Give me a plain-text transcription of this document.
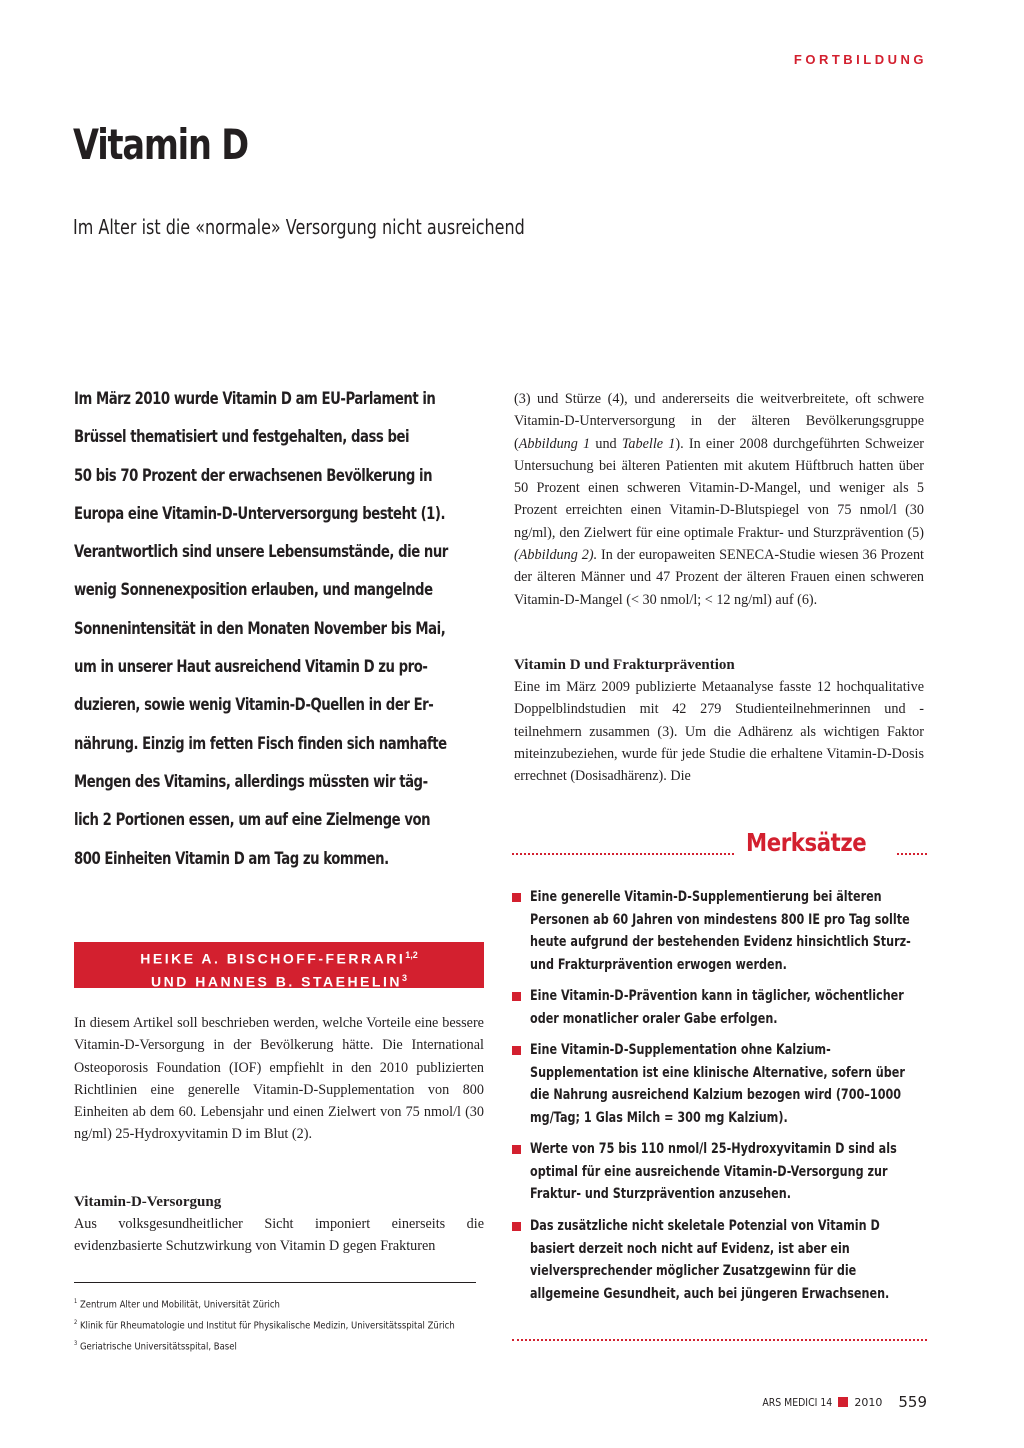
FORTBILDUNG
Vitamin D
Im Alter ist die «normale» Versorgung nicht ausreichend
Im März 2010 wurde Vitamin D am EU-Parlament in
Brüssel thematisiert und festgehalten, dass bei
50 bis 70 Prozent der erwachsenen Bevölkerung in
Europa eine Vitamin-D-Unterversorgung besteht (1).
Verantwortlich sind unsere Lebensumstände, die nur
wenig Sonnenexposition erlauben, und mangelnde
Sonnenintensität in den Monaten November bis Mai,
um in unserer Haut ausreichend Vitamin D zu pro-
duzieren, sowie wenig Vitamin-D-Quellen in der Er-
nährung. Einzig im fetten Fisch finden sich namhafte
Mengen des Vitamins, allerdings müssten wir täg-
lich 2 Portionen essen, um auf eine Zielmenge von
800 Einheiten Vitamin D am Tag zu kommen.
HEIKE A. BISCHOFF-FERRARI$^{1,2}$
UND HANNES B. STAEHELIN$^3$

In diesem Artikel soll beschrieben werden, welche Vorteile eine bessere Vitamin-D-Versorgung in der Bevölkerung hätte. Die International Osteoporosis Foundation (IOF) empfiehlt in den 2010 publizierten Richtlinien eine generelle Vitamin-D-Supplementation von 800 Einheiten ab dem 60. Lebensjahr und einen Zielwert von 75 nmol/l (30 ng/ml) 25-Hydroxyvitamin D im Blut (2).

Vitamin-D-Versorgung

Aus volksgesundheitlicher Sicht imponiert einerseits die evidenzbasierte Schutzwirkung von Vitamin D gegen Frakturen

$^1$ Zentrum Alter und Mobilität, Universität Zürich
$^2$ Klinik für Rheumatologie und Institut für Physikalische Medizin, Universitätsspital Zürich
$^3$ Geriatrische Universitätsspital, Basel

(3) und Stürze (4), und andererseits die weitverbreitete, oft schwere Vitamin-D-Unterversorgung in der älteren Bevölkerungsgruppe (Abbildung 1 und Tabelle 1). In einer 2008 durchgeführten Schweizer Untersuchung bei älteren Patienten mit akutem Hüftbruch hatten über 50 Prozent einen schweren Vitamin-D-Mangel, und weniger als 5 Prozent erreichten einen Vitamin-D-Blutspiegel von 75 nmol/l (30 ng/ml), den Zielwert für eine optimale Fraktur- und Sturzprävention (5) (Abbildung 2). In der europaweiten SENECA-Studie wiesen 36 Prozent der älteren Männer und 47 Prozent der älteren Frauen einen schweren Vitamin-D-Mangel (< 30 nmol/l; < 12 ng/ml) auf (6).

Vitamin D und Frakturprävention

Eine im März 2009 publizierte Metaanalyse fasste 12 hochqualitative Doppelblindstudien mit 42 279 Studienteilnehmerinnen und -teilnehmern zusammen (3). Um die Adhärenz als wichtigen Faktor miteinzubeziehen, wurde für jede Studie die erhaltene Vitamin-D-Dosis errechnet (Dosisadhärenz). Die

Merksätze
Eine generelle Vitamin-D-Supplementierung bei älteren Personen ab 60 Jahren von mindestens 800 IE pro Tag sollte heute aufgrund der bestehenden Evidenz hinsichtlich Sturz- und Frakturprävention erwogen werden.
Eine Vitamin-D-Prävention kann in täglicher, wöchentlicher oder monatlicher oraler Gabe erfolgen.
Eine Vitamin-D-Supplementation ohne Kalzium-Supplementation ist eine klinische Alternative, sofern über die Nahrung ausreichend Kalzium bezogen wird (700–1000 mg/Tag; 1 Glas Milch = 300 mg Kalzium).
Werte von 75 bis 110 nmol/l 25-Hydroxyvitamin D sind als optimal für eine ausreichende Vitamin-D-Versorgung zur Fraktur- und Sturzprävention anzusehen.
Das zusätzliche nicht skeletale Potenzial von Vitamin D basiert derzeit noch nicht auf Evidenz, ist aber ein vielversprechender möglicher Zusatzgewinn für die allgemeine Gesundheit, auch bei jüngeren Erwachsenen.
ARS MEDICI 14 2010 559
